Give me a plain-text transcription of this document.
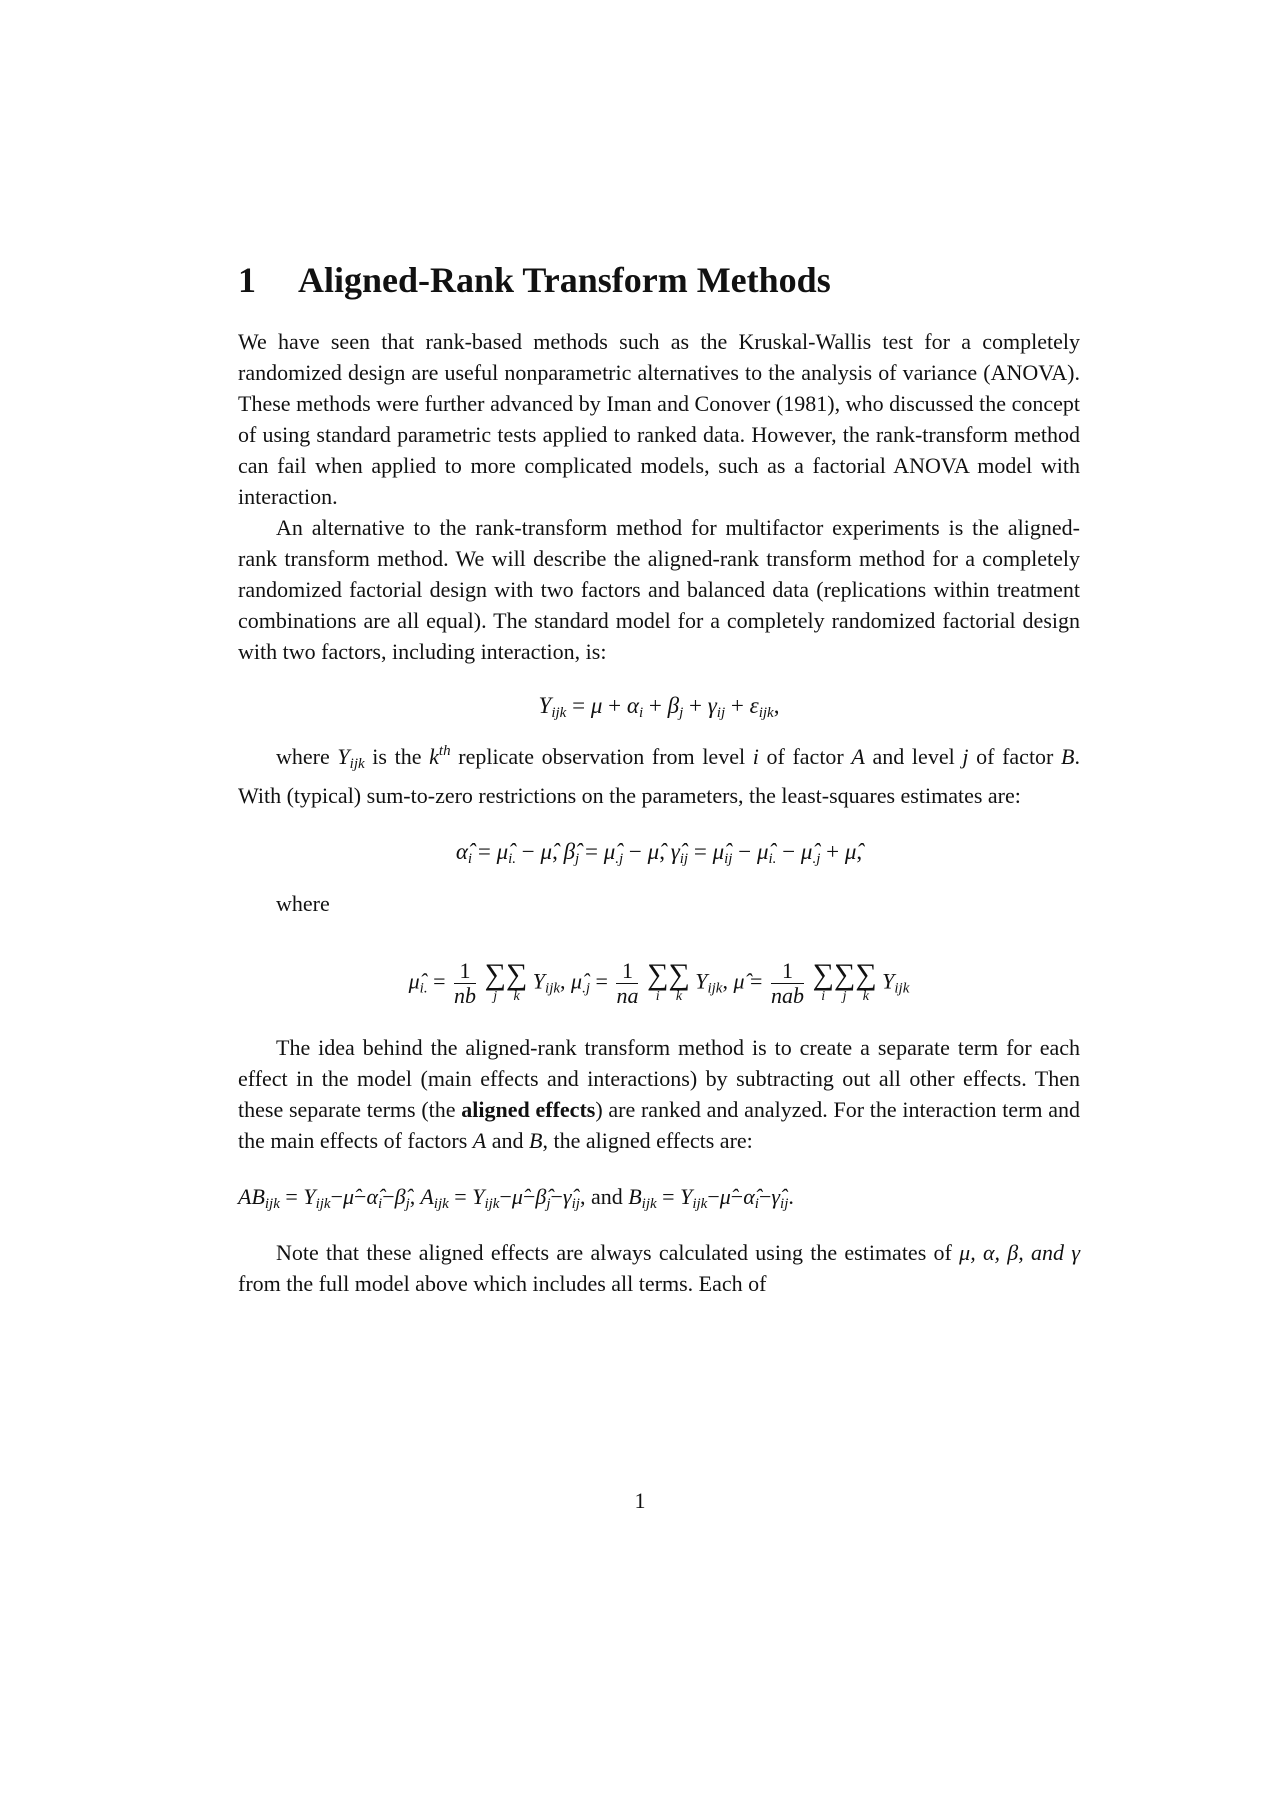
1 Aligned-Rank Transform Methods

We have seen that rank-based methods such as the Kruskal-Wallis test for a completely randomized design are useful nonparametric alternatives to the analysis of variance (ANOVA). These methods were further advanced by Iman and Conover (1981), who discussed the concept of using standard parametric tests applied to ranked data. However, the rank-transform method can fail when applied to more complicated models, such as a factorial ANOVA model with interaction.

An alternative to the rank-transform method for multifactor experiments is the aligned-rank transform method. We will describe the aligned-rank transform method for a completely randomized factorial design with two factors and balanced data (replications within treatment combinations are all equal). The standard model for a completely randomized factorial design with two factors, including interaction, is:

$Y_{ijk} = \mu + \alpha_i + \beta_j + \gamma_{ij} + \varepsilon_{ijk}$,

where $Y_{ijk}$ is the $k^{th}$ replicate observation from level i of factor A and level j of factor B. With (typical) sum-to-zero restrictions on the parameters, the least-squares estimates are:

$\alphâ_i$ = $\mû_{i.}$ − μ̂, $\betâ_j$ = $\mû_{.j}$ − μ̂, $\gammâ_{ij}$ = $\mû_{ij}$ − $\mû_{i.}$ − $\mû_{.j}$ + μ̂,

where

$\mû_{i.} = \frac{1}{nb}$ ∑
j
∑
k
$Y_{ijk}$, $\mû_{.j} = \frac{1}{na}$ ∑
i
∑
k
$Y_{ijk}$, μ̂ = $\frac{1}{\text{nab}}$ ∑
i
∑
j
∑
k
$Y_{ijk}$

The idea behind the aligned-rank transform method is to create a separate term for each effect in the model (main effects and interactions) by subtracting out all other effects. Then these separate terms (the aligned effects) are ranked and analyzed. For the interaction term and the main effects of factors A and B, the aligned effects are:

$AB_{ijk}$ = $Y_{ijk}-\mû-\alphâ_i-\betâ_j$, $A_{ijk}$ = $Y_{ijk}-\mû-\betâ_j-\gammâ_{ij}$, and $B_{ijk}$ = $Y_{ijk}-\mû-\alphâ_i-\gammâ_{ij}$.

Note that these aligned effects are always calculated using the estimates of μ, α, β, and γ from the full model above which includes all terms. Each of

1
